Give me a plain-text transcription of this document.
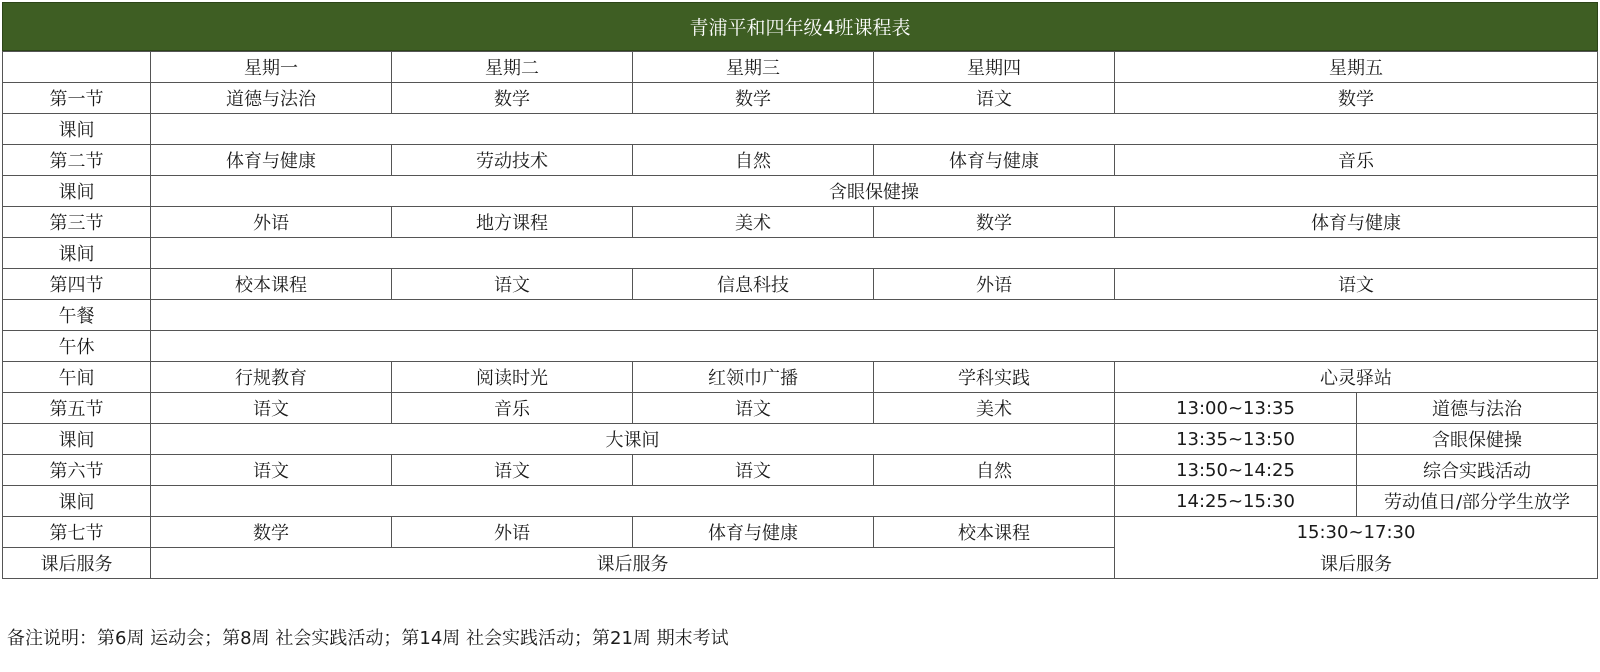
青浦平和四年级4班课程表
	星期一	星期二	星期三	星期四	星期五	
第一节	道德与法治	数学	数学	语文	数学	
课间						
第二节	体育与健康	劳动技术	自然	体育与健康	音乐	
课间	含眼保健操					
第三节	外语	地方课程	美术	数学	体育与健康	
课间						
第四节	校本课程	语文	信息科技	外语	语文	
午餐						
午休						
午间	行规教育	阅读时光	红领巾广播	学科实践	心灵驿站	
第五节	语文	音乐	语文	美术	13:00~13:35	道德与法治
课间	大课间				13:35~13:50	含眼保健操
第六节	语文	语文	语文	自然	13:50~14:25	综合实践活动
课间					14:25~15:30	劳动值日/部分学生放学
第七节	数学	外语	体育与健康	校本课程	15:30~17:30	
课后服务	课后服务				课后服务	
备注说明：第6周 运动会；第8周 社会实践活动；第14周 社会实践活动；第21周 期末考试
